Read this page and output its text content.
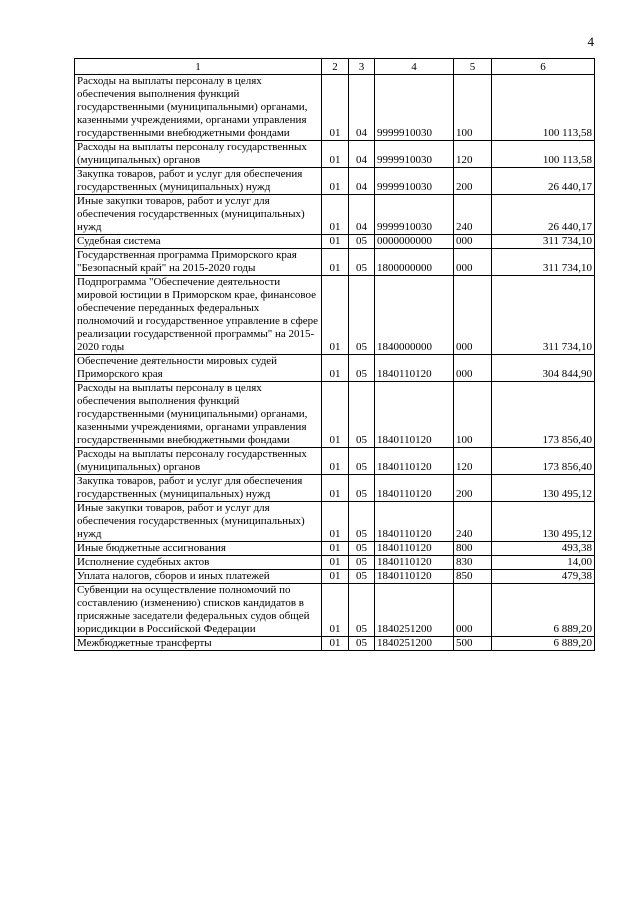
4
1	2	3	4	5	6
Расходы на выплаты персоналу в целях обеспечения выполнения функций государственными (муниципальными) органами, казенными учреждениями, органами управления государственными внебюджетными фондами	01	04	9999910030	100	100 113,58
Расходы на выплаты персоналу государственных (муниципальных) органов	01	04	9999910030	120	100 113,58
Закупка товаров, работ и услуг для обеспечения государственных (муниципальных) нужд	01	04	9999910030	200	26 440,17
Иные закупки товаров, работ и услуг для обеспечения государственных (муниципальных) нужд	01	04	9999910030	240	26 440,17
Судебная система	01	05	0000000000	000	311 734,10
Государственная программа Приморского края "Безопасный край" на 2015-2020 годы	01	05	1800000000	000	311 734,10
Подпрограмма "Обеспечение деятельности мировой юстиции в Приморском крае, финансовое обеспечение переданных федеральных полномочий и государственное управление в сфере реализации государственной программы" на 2015-2020 годы	01	05	1840000000	000	311 734,10
Обеспечение деятельности мировых судей Приморского края	01	05	1840110120	000	304 844,90
Расходы на выплаты персоналу в целях обеспечения выполнения функций государственными (муниципальными) органами, казенными учреждениями, органами управления государственными внебюджетными фондами	01	05	1840110120	100	173 856,40
Расходы на выплаты персоналу государственных (муниципальных) органов	01	05	1840110120	120	173 856,40
Закупка товаров, работ и услуг для обеспечения государственных (муниципальных) нужд	01	05	1840110120	200	130 495,12
Иные закупки товаров, работ и услуг для обеспечения государственных (муниципальных) нужд	01	05	1840110120	240	130 495,12
Иные бюджетные ассигнования	01	05	1840110120	800	493,38
Исполнение судебных актов	01	05	1840110120	830	14,00
Уплата налогов, сборов и иных платежей	01	05	1840110120	850	479,38
Субвенции на осуществление полномочий по составлению (изменению) списков кандидатов в присяжные заседатели федеральных судов общей юрисдикции в Российской Федерации	01	05	1840251200	000	6 889,20
Межбюджетные трансферты	01	05	1840251200	500	6 889,20
